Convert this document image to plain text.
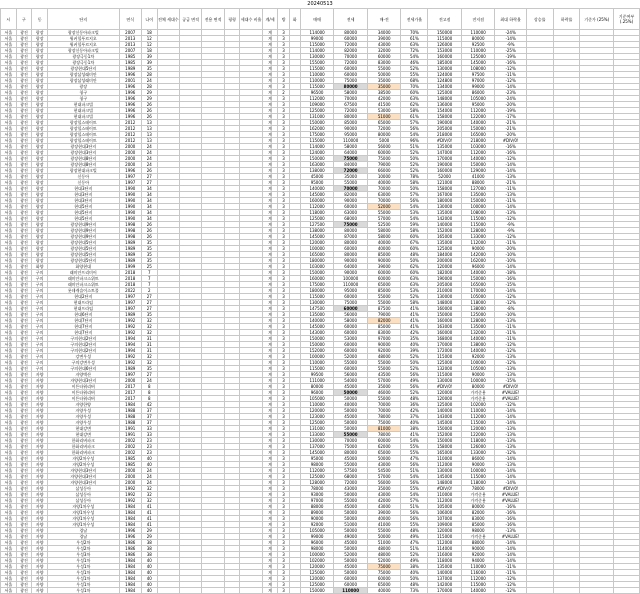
20240513
시	구	동	단지	연식	나이	전체 세대수	공급 면적	전용 면적	평형	세대수 비율	계/세	방	화	매매	전세	매-전	전세가율	전고점	전저점	최대 하락율	상승률	하락률	기준가 (25%)	기준여부 (.25%)
서울	광진	광장	광장신동아파크빌	2007	18						계	3		114000	80000	34000	70%	150000	110000	-24%				
서울	광진	광장	워커힐푸르지오	2013	12						계	3		99000	60000	39000	61%	115000	80000	-14%				
서울	광진	광장	워커힐푸르지오	2013	12						계	3		115000	72000	43000	63%	126000	92500	-9%				
서울	광진	광장	광장신동아파크빌	2007	18						계	3		114000	82000	32000	72%	153000	110000	-25%				
서울	광진	광장	광장극동1차	1985	39						계	3		130000	70000	60000	54%	160000	125000	-19%				
서울	광진	광장	광장극동1차	1985	39						계	3		155000	72000	83000	46%	185000	145000	-16%				
서울	광진	광장	광장현대5단지	1989	35						계	3		115000	60000	55000	52%	130000	108000	-12%				
서울	광진	광장	광장삼성래미안	1996	28						계	3		110000	60000	50000	55%	124000	97500	-11%				
서울	광진	광장	광장삼성래미안	2001	24						계	3		110000	75000	35000	68%	124800	97000	-12%				
서울	광진	광장	광장	1996	28						계	3		115000	80000	35000	70%	134000	99000	-14%				
서울	광진	광장	청구	1996	29						계	2		96500	58000	38500	60%	125000	86000	-23%				
서울	광진	광장	청구	1996	29						계	3		112000	70000	42000	63%	148000	105000	-24%				
서울	광진	광장	현대파크빌	1996	26						계	3		109000	67500	41500	62%	136000	95000	-20%				
서울	광진	광장	현대파크빌	1996	26						계	3		125000	72000	53000	58%	154000	112000	-19%				
서울	광진	광장	현대파크빌	1996	26						계	3		131000	80000	51000	61%	158000	122000	-17%				
서울	광진	광장	광장힐스테이트	2012	13						계	3		150000	85000	65000	57%	190000	140000	-21%				
서울	광진	광장	광장힐스테이트	2012	13						계	3		162000	90000	72000	56%	205000	150000	-21%				
서울	광진	광장	광장힐스테이트	2012	13						계	3		175000	95000	80000	54%	218000	165000	-20%				
서울	광진	광장	광장힐스테이트	2012	13						계	3		115000	110000	5000	96%	#DIV/0!	218000	#DIV/0!				
서울	광진	광장	광장현대3단지	2000	24						계	3		114000	58000	56000	51%	135000	103000	-16%				
서울	광진	광장	광장현대3단지	2000	24						계	3		124000	64000	60000	52%	147000	112000	-16%				
서울	광진	광장	광장현대8단지	2000	24						계	3		150000	75000	75000	50%	170000	140000	-12%				
서울	광진	광장	광장현대8단지	2000	24						계	3		163000	84000	79000	52%	190000	150000	-14%				
서울	광진	광장	광장현대파크빌	1996	26						계	3		138000	72000	66000	52%	160000	129000	-14%				
서울	광진	광장	신동아	1997	27						계	3		45000	35000	10000	78%	52000	41000	-13%				
서울	광진	광장	신동아	1997	27						계	3		95000	55000	40000	58%	121000	88000	-21%				
서울	광진	광장	현대3단지	1990	34						계	3		140000	70000	70000	50%	158000	127000	-11%				
서울	광진	광장	현대3단지	1990	34						계	3		145000	82000	63000	57%	167000	135000	-13%				
서울	광진	광장	현대3단지	1990	34						계	3		160000	90000	70000	56%	180000	150000	-11%				
서울	광진	광장	현대5단지	1990	34						계	3		112000	60000	52000	54%	130000	100000	-14%				
서울	광진	광장	현대5단지	1990	34						계	3		118000	63000	55000	53%	135000	108000	-13%				
서울	광진	광장	현대5단지	1990	34						계	3		125000	68000	57000	54%	142000	115000	-12%				
서울	광진	광장	광장현대9단지	1998	26						계	3		127500	75000	52500	59%	140000	115000	-9%				
서울	광진	광장	광장현대9단지	1998	26						계	3		138000	80000	58000	58%	152000	128000	-9%				
서울	광진	광장	광장현대9단지	1998	26						계	3		145000	87000	58000	60%	165000	133000	-12%				
서울	광진	광장	광장현대5단지	1989	35						계	3		120000	80000	40000	67%	135000	112000	-11%				
서울	광진	광장	광장현대5단지	1989	35						계	3		100000	60000	40000	60%	125000	90000	-20%				
서울	광진	광장	광장현대5단지	1989	35						계	3		165000	80000	85000	48%	184000	142000	-10%				
서울	광진	광장	광장현대5단지	1989	35						계	3		180000	90000	90000	50%	200000	162000	-10%				
서울	광진	화양	화양현대	1999	25						계	3		103000	64000	39000	62%	120000	96000	-14%				
서울	광진	구의	래미안프리미어	2018	7						계	3		150000	90000	60000	60%	182000	140000	-18%				
서울	광진	구의	래미안파크스위트	2018	7						계	3		160000	100000	60000	63%	190000	150000	-16%				
서울	광진	구의	래미안파크스위트	2018	7						계	3		175000	110000	65000	63%	205000	165000	-15%				
서울	광진	구의	롯데캐슬이스트폴	2022	2						계	3		180000	95000	85000	53%	210000	170000	-14%				
서울	광진	구의	현대2단지	1997	27						계	3		115000	60000	55000	52%	130000	105000	-12%				
서울	광진	구의	현대프라임	1997	27						계	3		130000	75000	55000	58%	148000	118000	-12%				
서울	광진	구의	현대프라임	1997	27						계	3		147500	60000	87500	41%	160000	138000	-8%				
서울	광진	구의	현대6단지	1989	35						계	3		135000	56000	79000	41%	150000	125000	-10%				
서울	광진	구의	현대7단지	1992	32						계	3		140000	58000	82000	41%	160000	128000	-13%				
서울	광진	구의	현대7단지	1992	32						계	3		145000	60000	85000	41%	163000	135000	-11%				
서울	광진	구의	현대7단지	1992	32						계	3		143000	60000	83000	42%	160000	132000	-11%				
서울	광진	구의	구의현대2단지	1994	31						계	3		150000	53000	97000	35%	168000	140000	-11%				
서울	광진	구의	구의현대2단지	1994	31						계	3		150000	60000	90000	40%	170000	138000	-12%				
서울	광진	구의	구의현대2단지	1994	31						계	3		152000	60000	92000	39%	172000	140000	-12%				
서울	광진	구의	강변우성	1992	32						계	3		100000	52000	48000	52%	115000	92000	-13%				
서울	광진	구의	구의강변우성	1992	32						계	3		110000	55000	55000	50%	125000	100000	-12%				
서울	광진	구의	구의현대6단지	1989	35						계	3		115000	60000	55000	52%	132000	105000	-13%				
서울	광진	자양	자양벽산	1997	27						계	3		99500	56000	43500	56%	115000	90000	-13%				
서울	광진	자양	자양현대3단지	2000	24						계	3		111000	54000	57000	49%	130000	100000	-15%				
서울	광진	자양	이튼타워리버	2017	8						계	3		80000	45000	35000	56%	#DIV/0!	80000	#DIV/0!				
서울	광진	자양	이튼타워리버	2017	8						계	3		96000	50000	46000	52%	120000	가격준용	#VALUE!				
서울	광진	자양	이튼타워리버	2017	8						계	3		105000	50000	55000	48%	120000	가격준용	#VALUE!				
서울	광진	자양	자양한양	1984	42						계	3		110000	40000	70000	36%	125000	102000	-12%				
서울	광진	자양	자양우성	1988	37						계	3		120000	50000	70000	42%	140000	110000	-14%				
서울	광진	자양	자양우성	1988	37						계	3		123000	45000	78000	37%	143000	112000	-14%				
서울	광진	자양	자양우성	1988	37						계	3		125000	50000	75000	40%	145000	115000	-14%				
서울	광진	자양	현대강변	1991	33						계	3		131000	50000	81000	38%	150000	120000	-13%				
서울	광진	자양	현대강변	1991	33						계	3		133000	55000	78000	41%	152000	122000	-13%				
서울	광진	자양	한화리버파크	2002	23						계	3		130000	70000	60000	54%	150000	118000	-13%				
서울	광진	자양	한화리버파크	2002	23						계	3		137000	75000	62000	55%	158000	126000	-13%				
서울	광진	자양	한화리버파크	2002	23						계	3		145000	80000	65000	55%	165000	133000	-12%				
서울	광진	자양	자양2차우성	1985	40						계	3		95000	45000	50000	47%	110000	86000	-14%				
서울	광진	자양	자양2차우성	1985	40						계	3		98000	55000	43000	56%	112000	90000	-13%				
서울	광진	자양	자양현대3단지	2000	24						계	3		112000	57500	54500	51%	130000	100000	-14%				
서울	광진	자양	자양현대3단지	2000	24						계	3		125000	68000	57000	54%	145000	115000	-14%				
서울	광진	자양	자양현대3단지	2000	24						계	3		128000	72000	56000	56%	148000	118000	-14%				
서울	광진	자양	삼성동아	1992	32						계	3		78000	43000	35000	55%	#DIV/0!	78000	#DIV/0!				
서울	광진	자양	삼성동아	1992	32						계	3		93000	50000	43000	54%	110000	가격준용	#VALUE!				
서울	광진	자양	삼성동아	1992	32						계	3		97000	55000	42000	57%	112000	가격준용	#VALUE!				
서울	광진	자양	자양1차우성	1984	41						계	3		88000	45000	43000	51%	105000	80000	-16%				
서울	광진	자양	자양1차우성	1984	41						계	3		89000	50000	39000	56%	106000	82000	-16%				
서울	광진	자양	자양1차우성	1984	41						계	3		90000	50000	40000	56%	107000	83000	-16%				
서울	광진	자양	자양1차우성	1984	41						계	3		92000	51000	41000	55%	109000	85000	-16%				
서울	광진	자양	경남	1996	29						계	3		105000	50000	55000	48%	120000	98000	-13%				
서울	광진	자양	경남	1996	29						계	3		99000	49000	50000	49%	115000	가격준용	#VALUE!				
서울	광진	자양	우성2차	1986	38						계	3		96000	45000	51000	47%	112000	88000	-14%				
서울	광진	자양	우성2차	1986	38						계	3		98000	50000	48000	51%	114000	90000	-14%				
서울	광진	자양	우성3차	1986	38						계	3		100000	52000	48000	52%	116000	92000	-14%				
서울	광진	자양	우성1차	1984	40						계	3		102000	50000	52000	49%	118000	94000	-14%				
서울	광진	자양	우성1차	1984	40						계	3		120000	45000	75000	38%	135000	110000	-11%				
서울	광진	자양	우성1차	1984	40						계	3		125000	50000	75000	40%	140000	116000	-11%				
서울	광진	자양	우성1차	1984	40						계	3		120000	60000	60000	50%	137000	112000	-12%				
서울	광진	자양	우성1차	1984	40						계	3		125000	60000	65000	48%	142000	115000	-12%				
서울	광진	자양	우성1차	1984	40						계	3		150000	110000	40000	73%	170000	140000	-12%				
